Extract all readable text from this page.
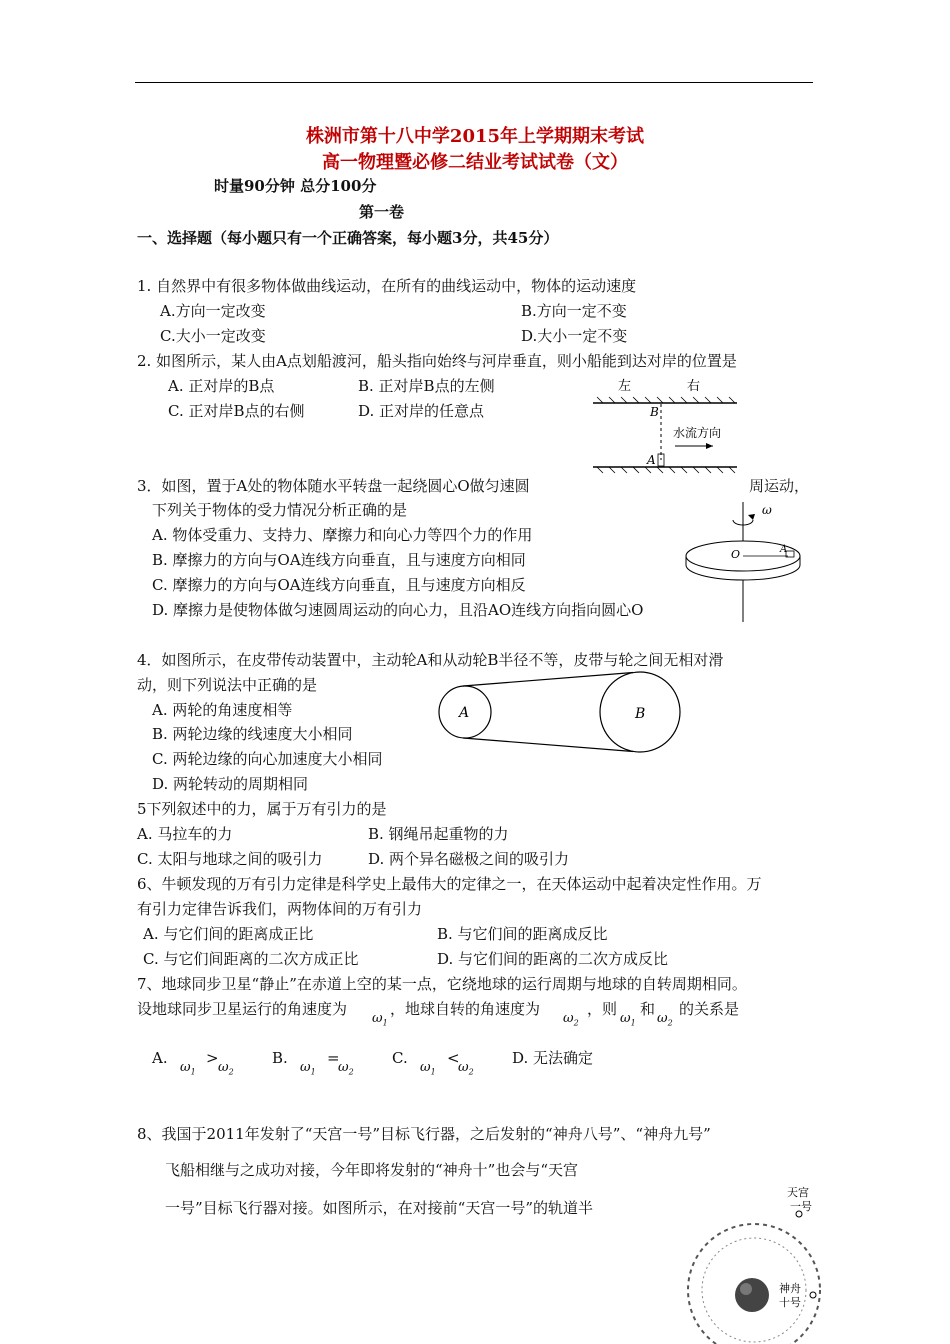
株洲市第十八中学2015年上学期期末考试
高一物理暨必修二结业考试试卷（文）
时量90分钟 总分100分
第一卷
一、选择题（每小题只有一个正确答案，每小题3分，共45分）
1. 自然界中有很多物体做曲线运动，在所有的曲线运动中，物体的运动速度
A.方向一定改变	B.方向一定不变
C.大小一定改变	D.大小一定不变
2. 如图所示，某人由A点划船渡河，船头指向始终与河岸垂直，则小船能到达对岸的位置是
A. 正对岸的B点	B. 正对岸B点的左侧
C. 正对岸B点的右侧	D. 正对岸的任意点
左	右
B
水流方向
A
3．如图，置于A处的物体随水平转盘一起绕圆心O做匀速圆	周运动，
下列关于物体的受力情况分析正确的是
A. 物体受重力、支持力、摩擦力和向心力等四个力的作用
B. 摩擦力的方向与OA连线方向垂直，且与速度方向相同
C. 摩擦力的方向与OA连线方向垂直，且与速度方向相反
D. 摩擦力是使物体做匀速圆周运动的向心力，且沿AO连线方向指向圆心O
ω
O	A
4．如图所示，在皮带传动装置中，主动轮A和从动轮B半径不等，皮带与轮之间无相对滑
动，则下列说法中正确的是
A. 两轮的角速度相等
B. 两轮边缘的线速度大小相同
C. 两轮边缘的向心加速度大小相同
D. 两轮转动的周期相同
A	B
5下列叙述中的力，属于万有引力的是
A. 马拉车的力	B. 钢绳吊起重物的力
C. 太阳与地球之间的吸引力	D. 两个异名磁极之间的吸引力
6、牛顿发现的万有引力定律是科学史上最伟大的定律之一，在天体运动中起着决定性作用。万
有引力定律告诉我们，两物体间的万有引力
A. 与它们间的距离成正比	B. 与它们间的距离成反比
C. 与它们间距离的二次方成正比	D. 与它们间的距离的二次方成反比
7、地球同步卫星“静止”在赤道上空的某一点，它绕地球的运行周期与地球的自转周期相同。
设地球同步卫星运行的角速度为
$\omega_1$
，地球自转的角速度为
$\omega_2$
，则
$\omega_1$
和
$\omega_2$
的关系是
A.
$\omega_1$
>
$\omega_2$
B.
$\omega_1$
=
$\omega_2$
C.
$\omega_1$
<
$\omega_2$
D. 无法确定
8、我国于2011年发射了“天宫一号”目标飞行器，之后发射的“神舟八号”、“神舟九号”
飞船相继与之成功对接，今年即将发射的“神舟十”也会与“天宫
一号”目标飞行器对接。如图所示，在对接前“天宫一号”的轨道半
天宫
一号
神舟
十号
